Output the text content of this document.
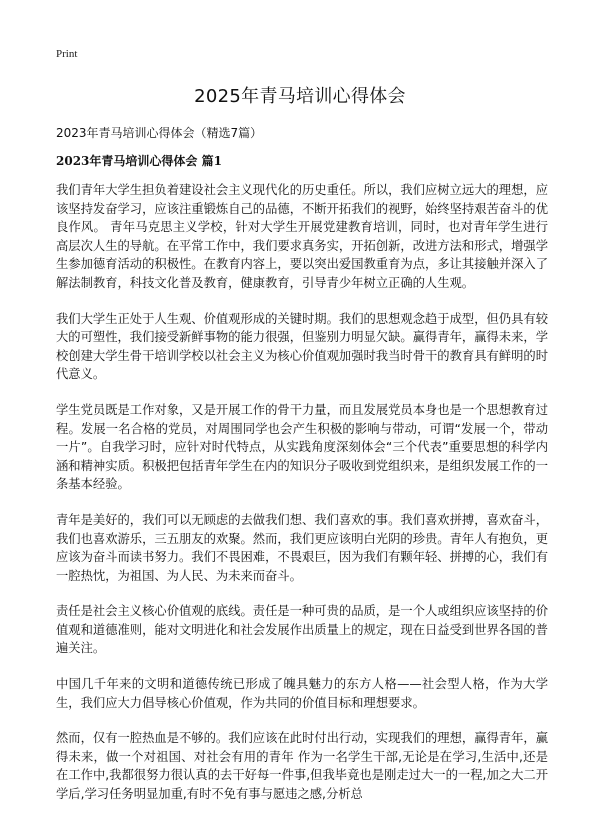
Print
2025年青马培训心得体会
2023年青马培训心得体会（精选7篇）
2023年青马培训心得体会 篇1

我们青年大学生担负着建设社会主义现代化的历史重任。所以，我们应树立远大的理想，应该坚持发奋学习，应该注重锻炼自己的品德，不断开拓我们的视野，始终坚持艰苦奋斗的优良作风。 青年马克思主义学校，针对大学生开展党建教育培训，同时，也对青年学生进行高层次人生的导航。在平常工作中，我们要求真务实，开拓创新，改进方法和形式，增强学生参加德育活动的积极性。在教育内容上，要以突出爱国教重育为点，多让其接触并深入了解法制教育，科技文化普及教育，健康教育，引导青少年树立正确的人生观。

我们大学生正处于人生观、价值观形成的关键时期。我们的思想观念趋于成型，但仍具有较大的可塑性，我们接受新鲜事物的能力很强，但鉴别力明显欠缺。赢得青年，赢得未来，学校创建大学生骨干培训学校以社会主义为核心价值观加强时我当时骨干的教育具有鲜明的时代意义。

学生党员既是工作对象，又是开展工作的骨干力量，而且发展党员本身也是一个思想教育过程。发展一名合格的党员，对周围同学也会产生积极的影响与带动，可谓“发展一个，带动一片”。自我学习时，应针对时代特点，从实践角度深刻体会“三个代表”重要思想的科学内涵和精神实质。积极把包括青年学生在内的知识分子吸收到党组织来，是组织发展工作的一条基本经验。

青年是美好的，我们可以无顾虑的去做我们想、我们喜欢的事。我们喜欢拼搏，喜欢奋斗，我们也喜欢游乐，三五朋友的欢聚。然而，我们更应该明白光阴的珍贵。青年人有抱负，更应该为奋斗而读书努力。我们不畏困难，不畏艰巨，因为我们有颗年轻、拼搏的心，我们有一腔热忱，为祖国、为人民、为未来而奋斗。

责任是社会主义核心价值观的底线。责任是一种可贵的品质，是一个人或组织应该坚持的价值观和道德准则，能对文明进化和社会发展作出质量上的规定，现在日益受到世界各国的普遍关注。

中国几千年来的文明和道德传统已形成了魄具魅力的东方人格——社会型人格，作为大学生，我们应大力倡导核心价值观，作为共同的价值目标和理想要求。

然而，仅有一腔热血是不够的。我们应该在此时付出行动，实现我们的理想，赢得青年，赢得未来，做一个对祖国、对社会有用的青年 作为一名学生干部,无论是在学习,生活中,还是在工作中,我都很努力很认真的去干好每一件事,但我毕竟也是刚走过大一的一程,加之大二开学后,学习任务明显加重,有时不免有事与愿违之感,分析总
